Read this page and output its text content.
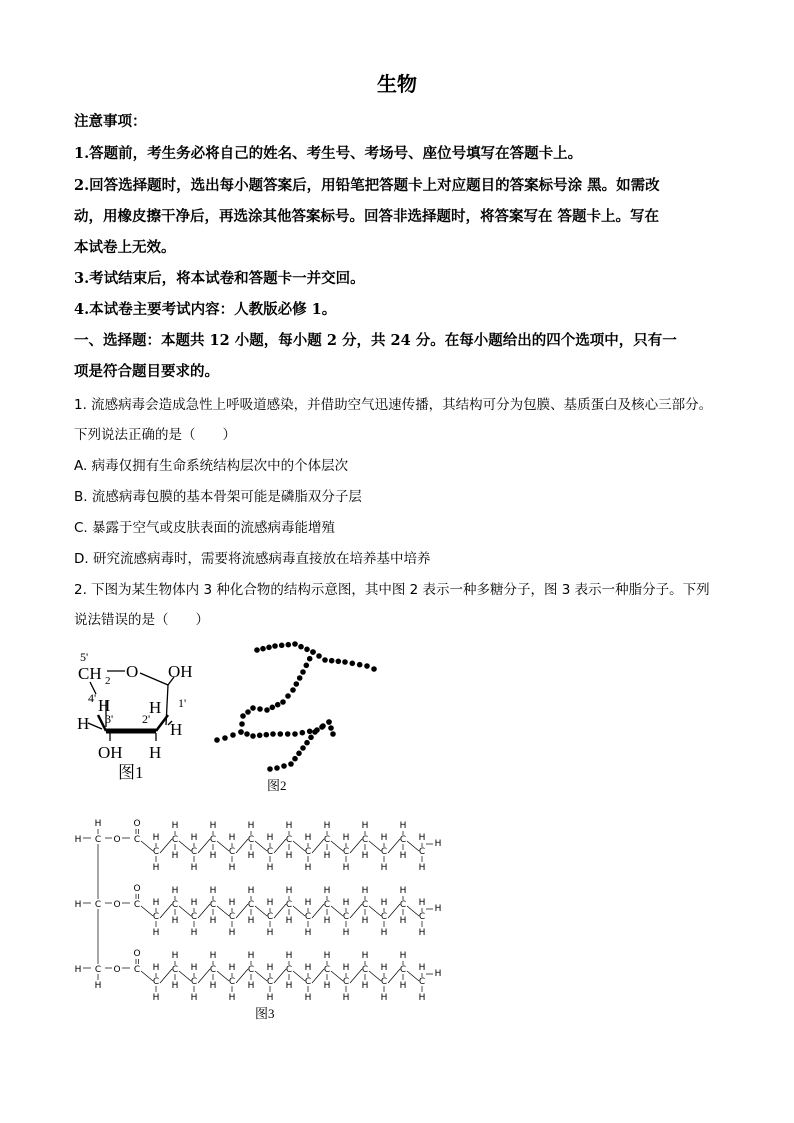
生物
注意事项：
1.答题前，考生务必将自己的姓名、考生号、考场号、座位号填写在答题卡上。
2.回答选择题时，选出每小题答案后，用铅笔把答题卡上对应题目的答案标号涂 黑。如需改
动，用橡皮擦干净后，再选涂其他答案标号。回答非选择题时，将答案写在 答题卡上。写在
本试卷上无效。
3.考试结束后，将本试卷和答题卡一并交回。
4.本试卷主要考试内容：人教版必修 1。
一、选择题：本题共 12 小题，每小题 2 分，共 24 分。在每小题给出的四个选项中，只有一
项是符合题目要求的。
1. 流感病毒会造成急性上呼吸道感染，并借助空气迅速传播，其结构可分为包膜、基质蛋白及核心三部分。
下列说法正确的是（　　）
A. 病毒仅拥有生命系统结构层次中的个体层次
B. 流感病毒包膜的基本骨架可能是磷脂双分子层
C. 暴露于空气或皮肤表面的流感病毒能增殖
D. 研究流感病毒时，需要将流感病毒直接放在培养基中培养
2. 下图为某生物体内 3 种化合物的结构示意图，其中图 2 表示一种多糖分子，图 3 表示一种脂分子。下列
说法错误的是（　　）
5'
CH 2 O OH
1'
4' H
H 3' 2'
H
H
OH H
图1
图2
H C O C
O
H
C
H
H
C
H
H C
H
H
C
H
H C
H
H
C
H
H C
H
H
C
H
H C
H
H
C
H
H C
H
H
C
H
H C
H
H
C
H
H C
H
H
H
H C O C
O
C
H
H
C
H
H C
H
H
C
H
H C
H
H
C
H
H C
H
H
C
H
H C
H
H
C
H
H C
H
H
C
H
H C
H
H
C
H
H C
H
H
H
H C O C
O
H	C
H
H
C
H
H C
H
H
C
H
H C
H
H
C
H
H C
H
H
C
H
H C
H
H
C
H
H C
H
H
C
H
H C
H
H
C
H
H C
H
H
H
图3
